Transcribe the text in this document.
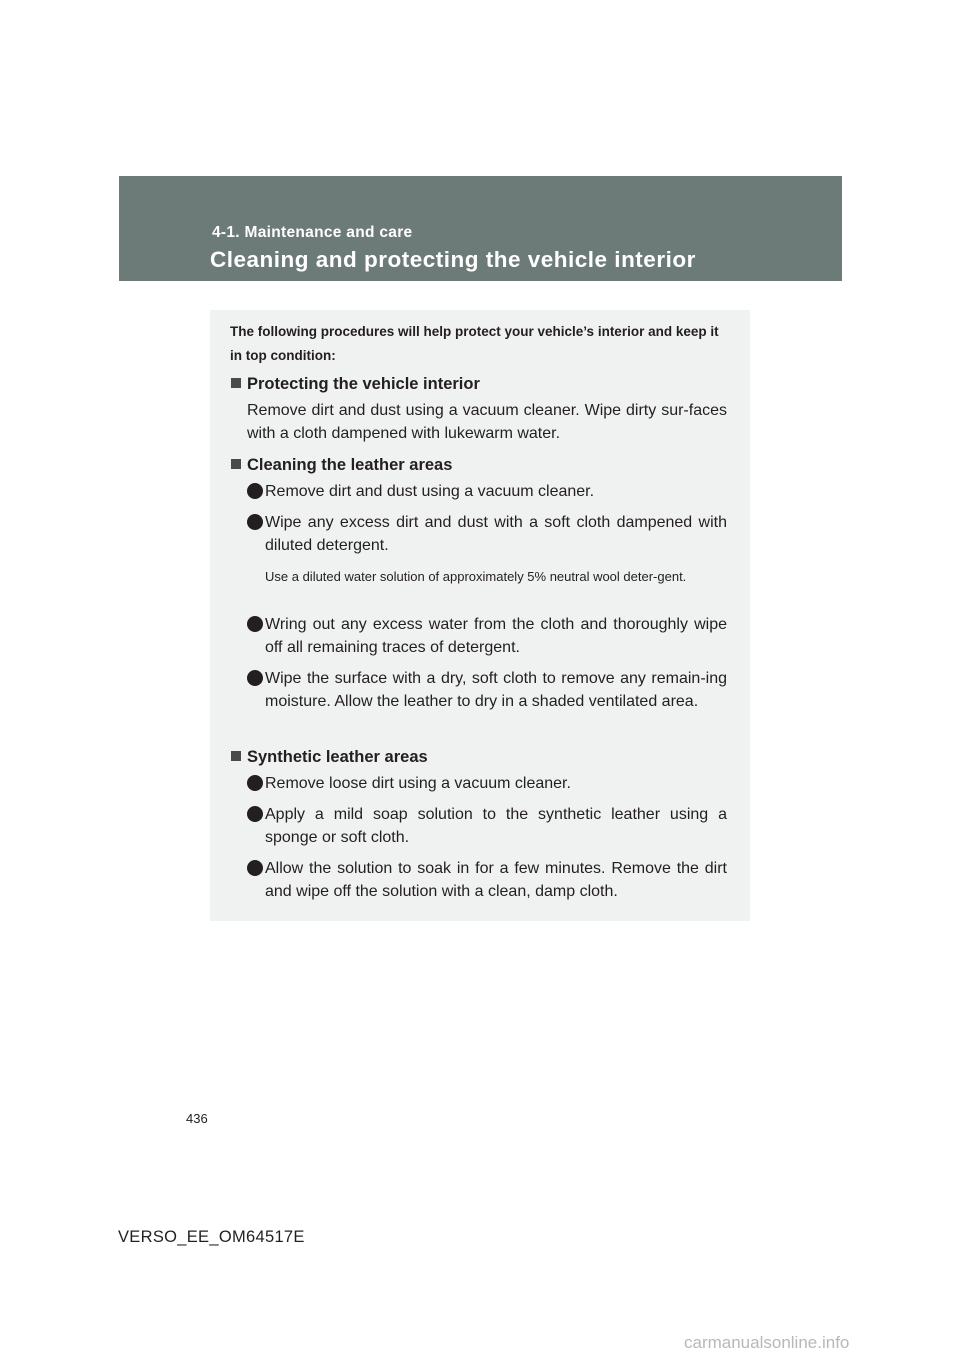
4-1. Maintenance and care
Cleaning and protecting the vehicle interior
The following procedures will help protect your vehicle’s interior and keep it in top condition:
Protecting the vehicle interior
Remove dirt and dust using a vacuum cleaner. Wipe dirty sur-faces with a cloth dampened with lukewarm water.
Cleaning the leather areas
Remove dirt and dust using a vacuum cleaner.
Wipe any excess dirt and dust with a soft cloth dampened with diluted detergent.
Use a diluted water solution of approximately 5% neutral wool deter-gent.
Wring out any excess water from the cloth and thoroughly wipe off all remaining traces of detergent.
Wipe the surface with a dry, soft cloth to remove any remain-ing moisture. Allow the leather to dry in a shaded ventilated area.
Synthetic leather areas
Remove loose dirt using a vacuum cleaner.
Apply a mild soap solution to the synthetic leather using a sponge or soft cloth.
Allow the solution to soak in for a few minutes. Remove the dirt and wipe off the solution with a clean, damp cloth.
436
VERSO_EE_OM64517E
carmanualsonline.info
